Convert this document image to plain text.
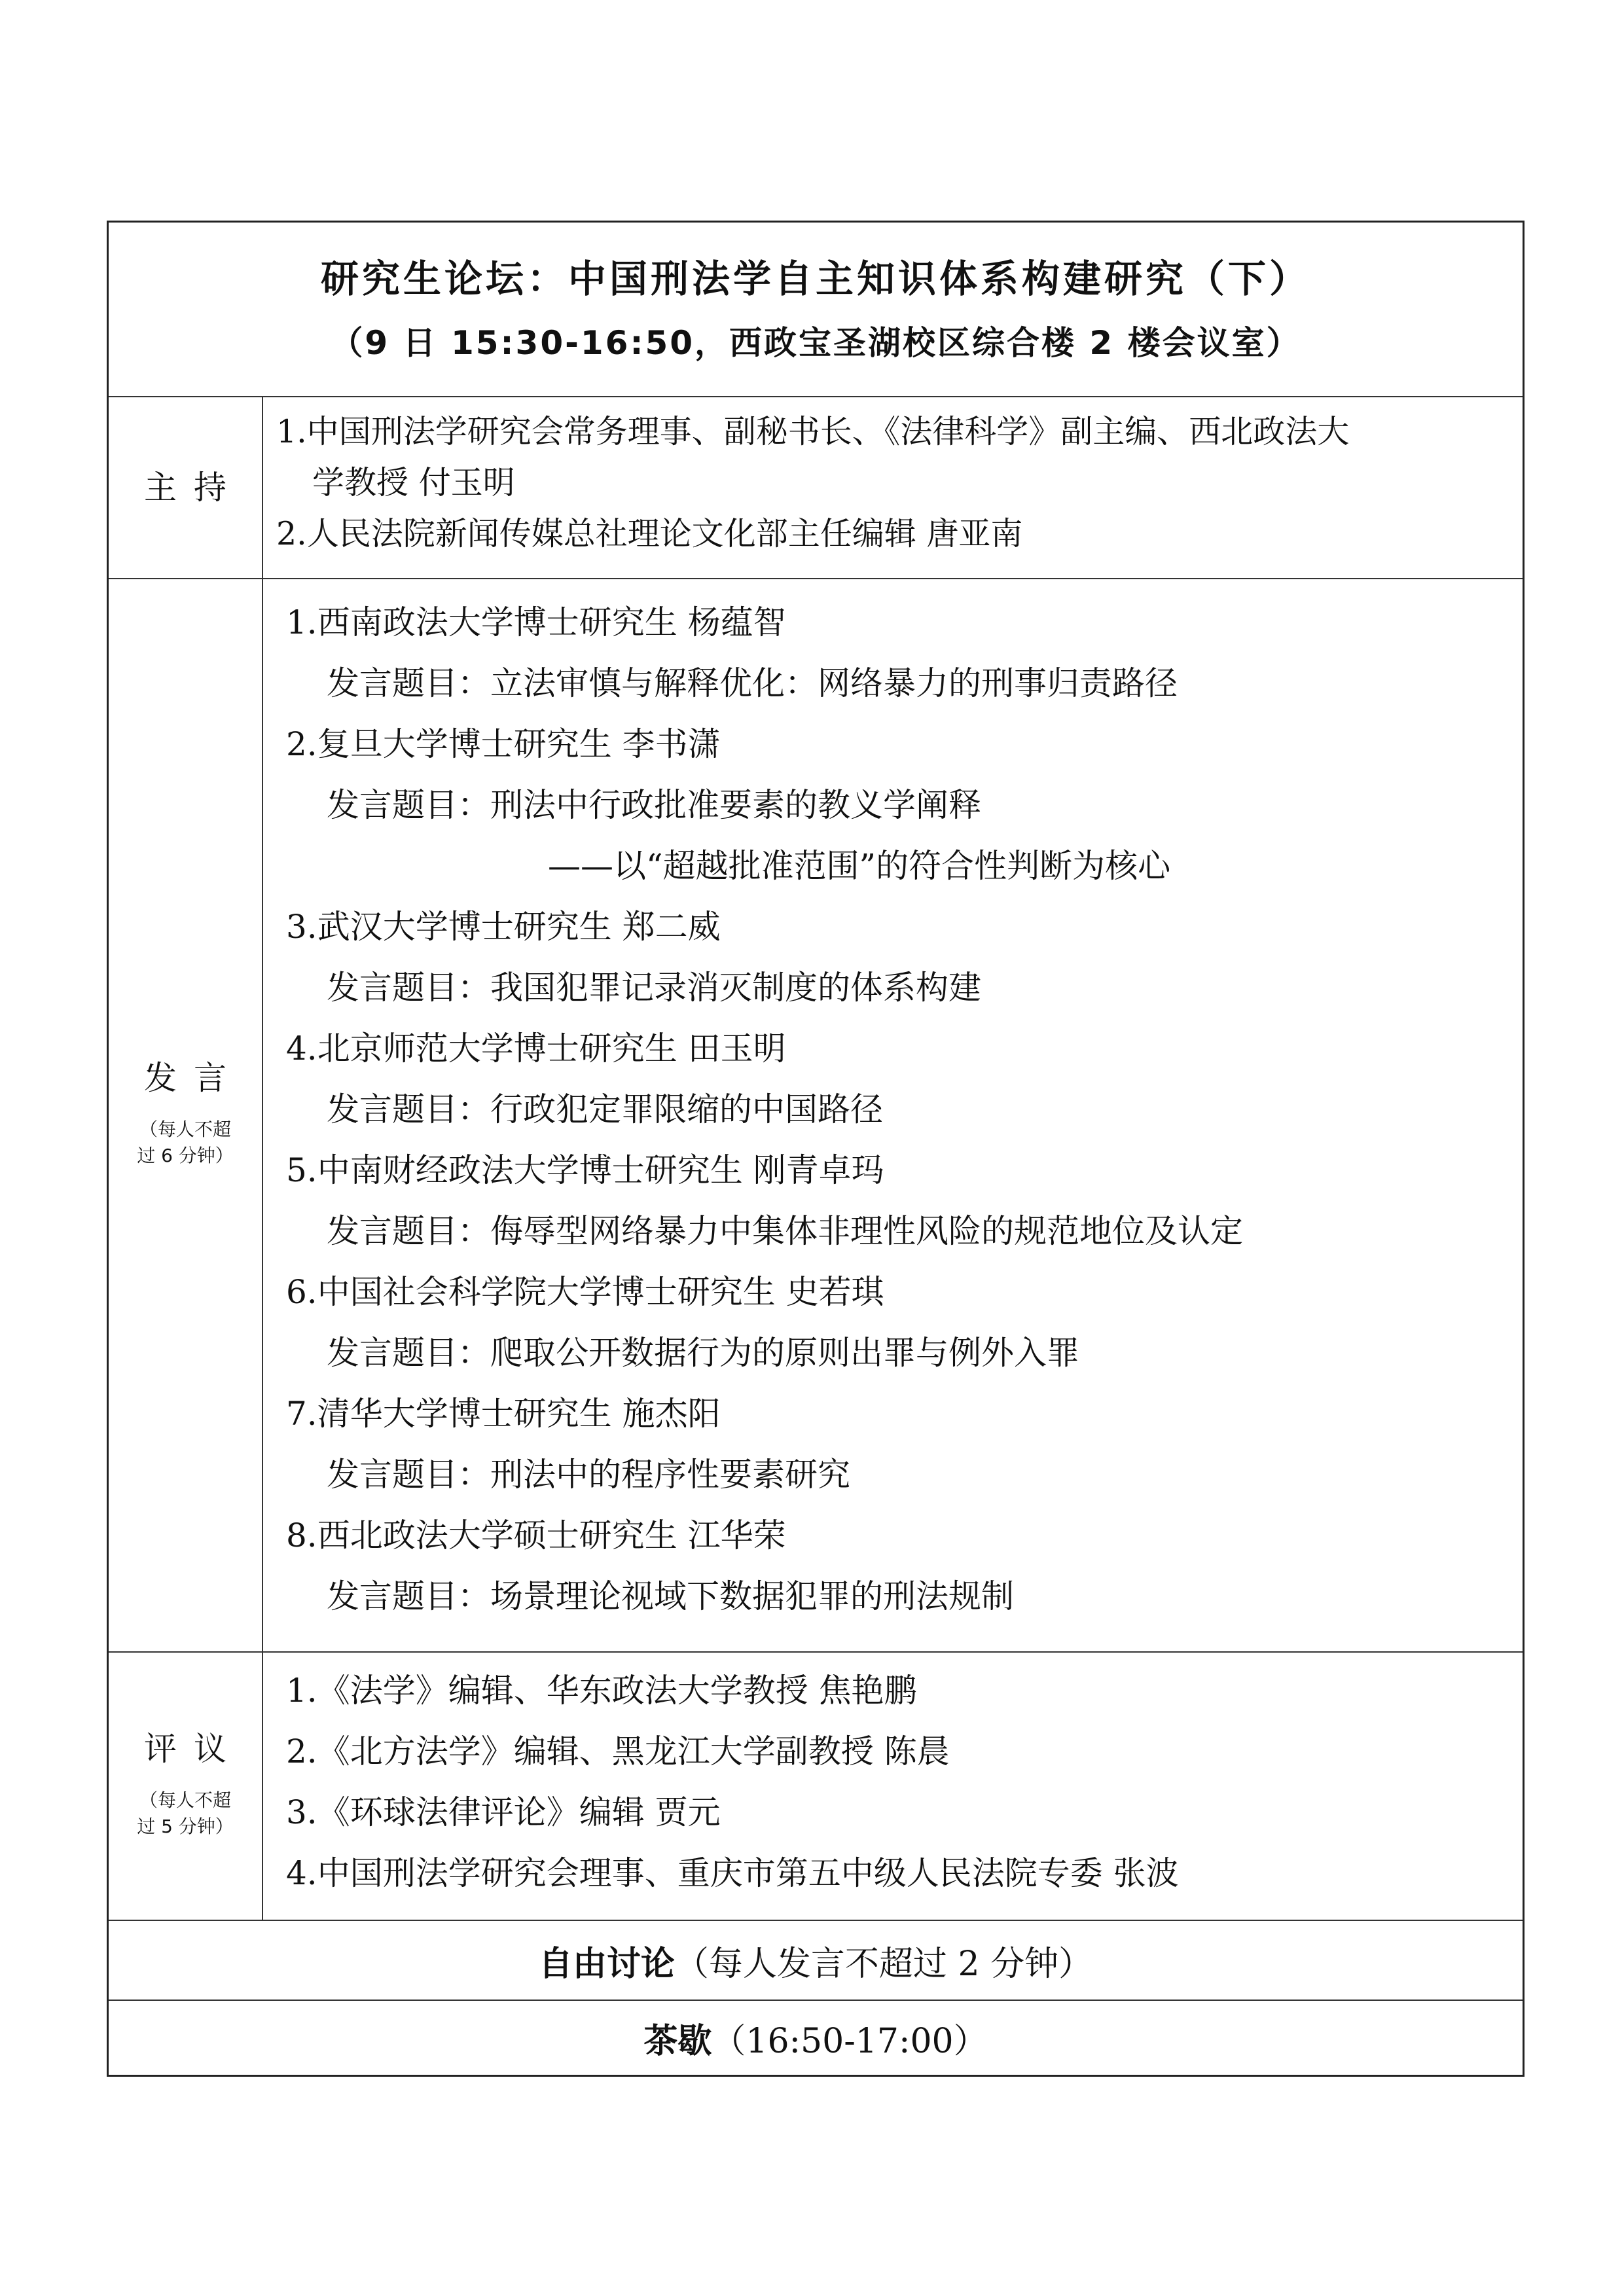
研究生论坛：中国刑法学自主知识体系构建研究（下）
（9 日 15:30-16:50，西政宝圣湖校区综合楼 2 楼会议室）
主持
1.中国刑法学研究会常务理事、副秘书长、《法律科学》副主编、西北政法大
学教授 付玉明
2.人民法院新闻传媒总社理论文化部主任编辑 唐亚南
发言
（每人不超
过 6 分钟）
1.西南政法大学博士研究生 杨蕴智
发言题目：立法审慎与解释优化：网络暴力的刑事归责路径
2.复旦大学博士研究生 李书潇
发言题目：刑法中行政批准要素的教义学阐释
——以“超越批准范围”的符合性判断为核心
3.武汉大学博士研究生 郑二威
发言题目：我国犯罪记录消灭制度的体系构建
4.北京师范大学博士研究生 田玉明
发言题目：行政犯定罪限缩的中国路径
5.中南财经政法大学博士研究生 刚青卓玛
发言题目：侮辱型网络暴力中集体非理性风险的规范地位及认定
6.中国社会科学院大学博士研究生 史若琪
发言题目：爬取公开数据行为的原则出罪与例外入罪
7.清华大学博士研究生 施杰阳
发言题目：刑法中的程序性要素研究
8.西北政法大学硕士研究生 江华荣
发言题目：场景理论视域下数据犯罪的刑法规制
评议
（每人不超
过 5 分钟）
1.《法学》编辑、华东政法大学教授 焦艳鹏
2.《北方法学》编辑、黑龙江大学副教授 陈晨
3.《环球法律评论》编辑 贾元
4.中国刑法学研究会理事、重庆市第五中级人民法院专委 张波
自由讨论 （每人发言不超过 2 分钟）
茶歇 （16:50-17:00）
